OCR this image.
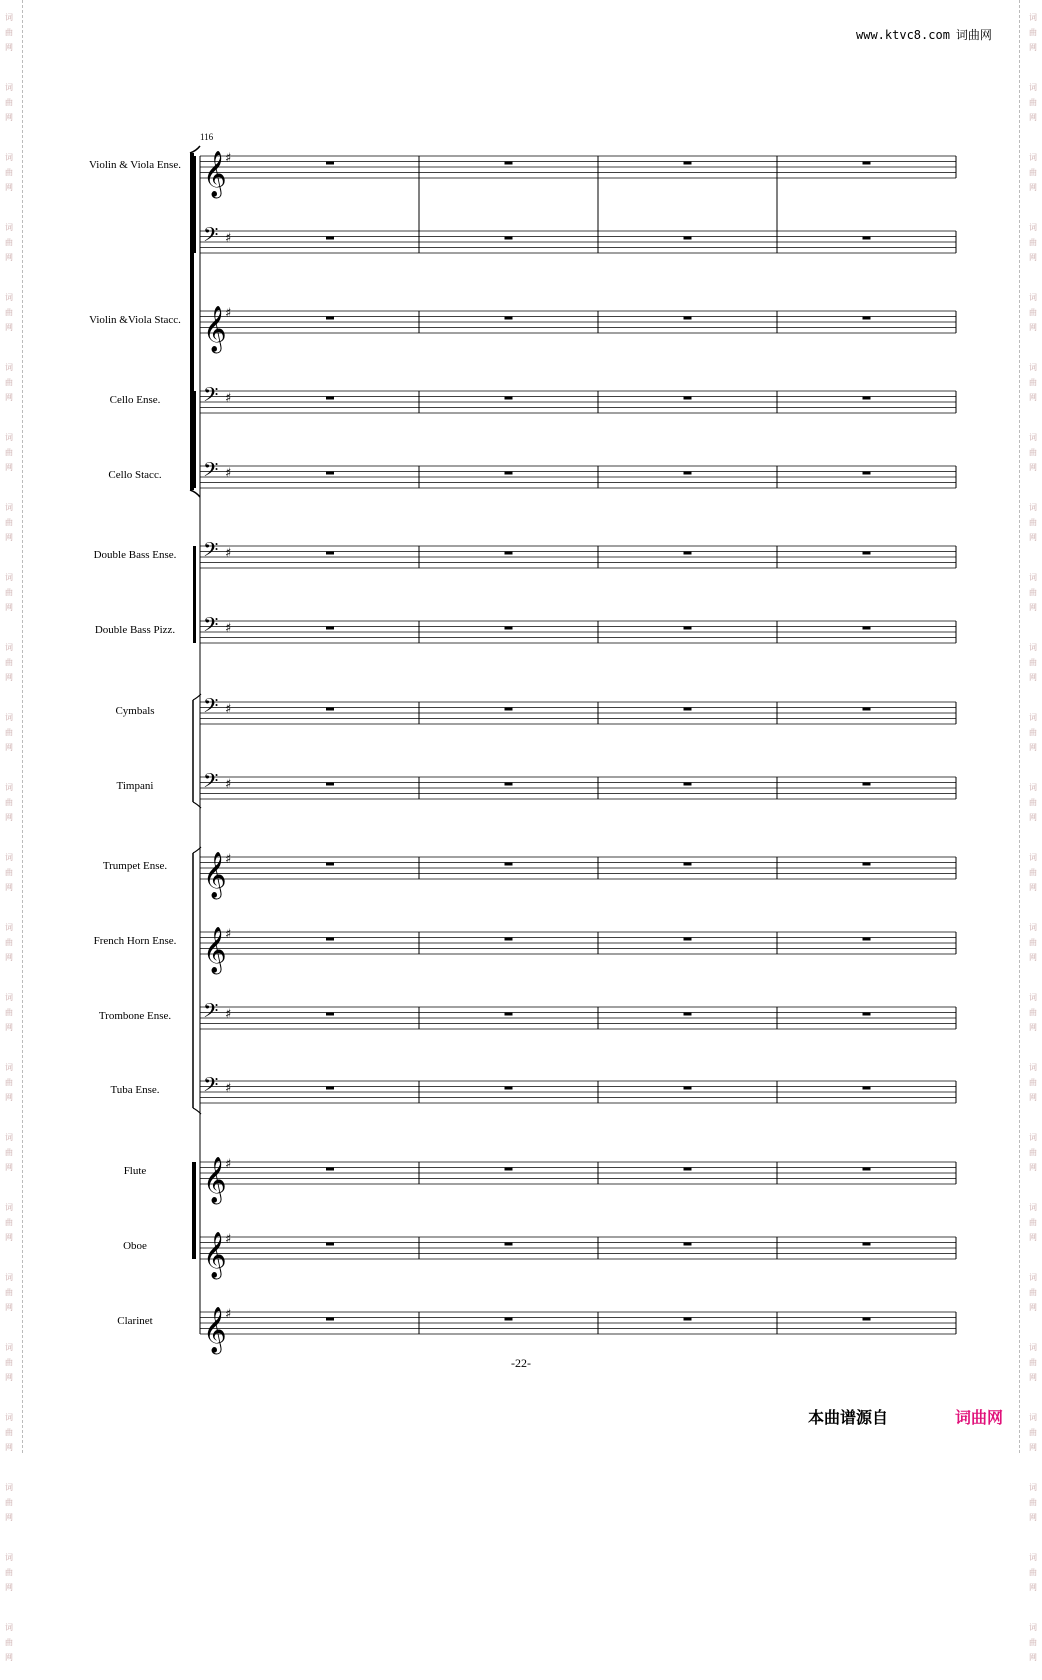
词
曲
网
词
曲
网
词
曲
网
词
曲
网
词
曲
网
词
曲
网
词
曲
网
词
曲
网
词
曲
网
词
曲
网
词
曲
网
词
曲
网
词
曲
网
词
曲
网
词
曲
网
词
曲
网
词
曲
网
词
曲
网
词
曲
网
词
曲
网
词
曲
网
词
曲
网
词
曲
网
词
曲
网
词
曲
网
词
曲
网
词
曲
网
词
曲
网
词
曲
网
词
曲
网
词
曲
网
词
曲
网
词
曲
网
词
曲
网
词
曲
网
词
曲
网
词
曲
网
词
曲
网
词
曲
网
词
曲
网
词
曲
网
词
曲
网
词
曲
网
词
曲
网
词
曲
网
词
曲
网
词
曲
网
词
曲
网
www.ktvc8.com 词曲网
116
Violin & Viola Ense.
Violin &Viola Stacc.
Cello Ense.
Cello Stacc.
Double Bass Ense.
Double Bass Pizz.
Cymbals
Timpani
Trumpet Ense.
French Horn Ense.
Trombone Ense.
Tuba Ense.
Flute
Oboe
Clarinet
𝄞
♯
𝄢 ♯
𝄞
♯
𝄢 ♯
𝄢 ♯
𝄢 ♯
𝄢 ♯
𝄢 ♯
𝄢 ♯
𝄞
♯
𝄞
♯
𝄢 ♯
𝄢 ♯
𝄞
♯
𝄞
♯
𝄞
♯
-22-
本曲谱源自	词曲网
